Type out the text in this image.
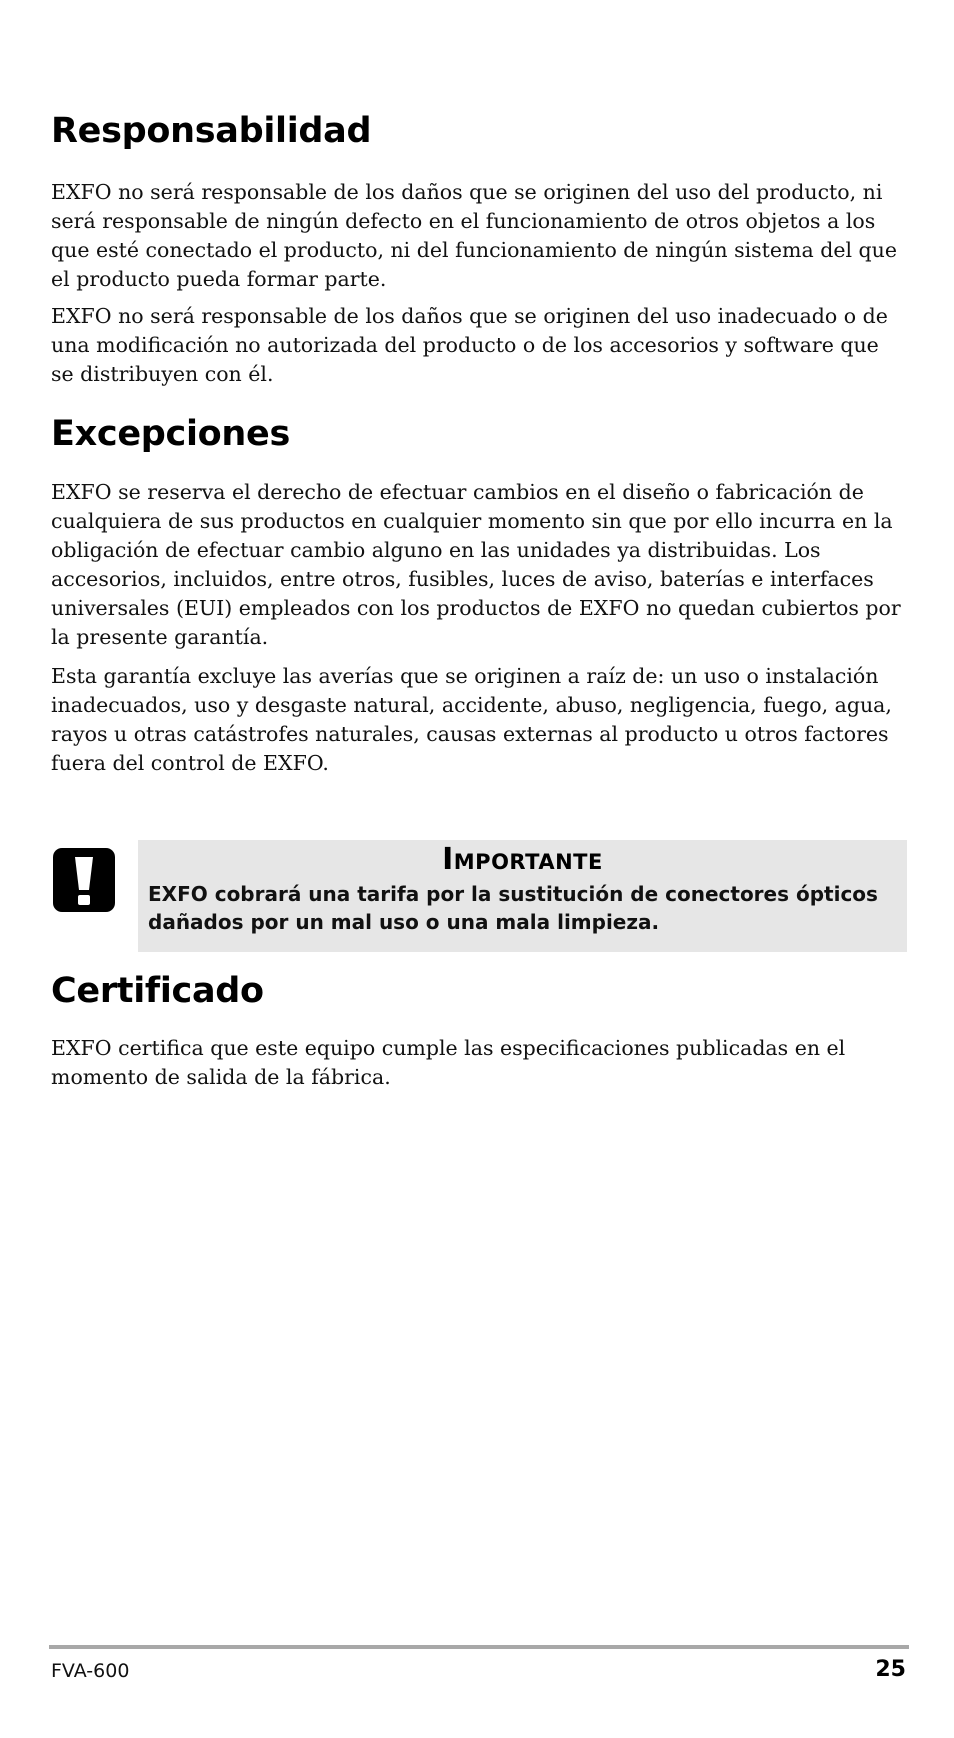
Responsabilidad

EXFO no será responsable de los daños que se originen del uso del producto, ni será responsable de ningún defecto en el funcionamiento de otros objetos a los que esté conectado el producto, ni del funcionamiento de ningún sistema del que el producto pueda formar parte.

EXFO no será responsable de los daños que se originen del uso inadecuado o de una modificación no autorizada del producto o de los accesorios y software que se distribuyen con él.

Excepciones

EXFO se reserva el derecho de efectuar cambios en el diseño o fabricación de cualquiera de sus productos en cualquier momento sin que por ello incurra en la obligación de efectuar cambio alguno en las unidades ya distribuidas. Los accesorios, incluidos, entre otros, fusibles, luces de aviso, baterías e interfaces universales (EUI) empleados con los productos de EXFO no quedan cubiertos por la presente garantía.

Esta garantía excluye las averías que se originen a raíz de: un uso o instalación inadecuados, uso y desgaste natural, accidente, abuso, negligencia, fuego, agua, rayos u otras catástrofes naturales, causas externas al producto u otros factores fuera del control de EXFO.

Importante
EXFO cobrará una tarifa por la sustitución de conectores ópticos dañados por un mal uso o una mala limpieza.
Certificado

EXFO certifica que este equipo cumple las especificaciones publicadas en el momento de salida de la fábrica.

FVA-600	25
